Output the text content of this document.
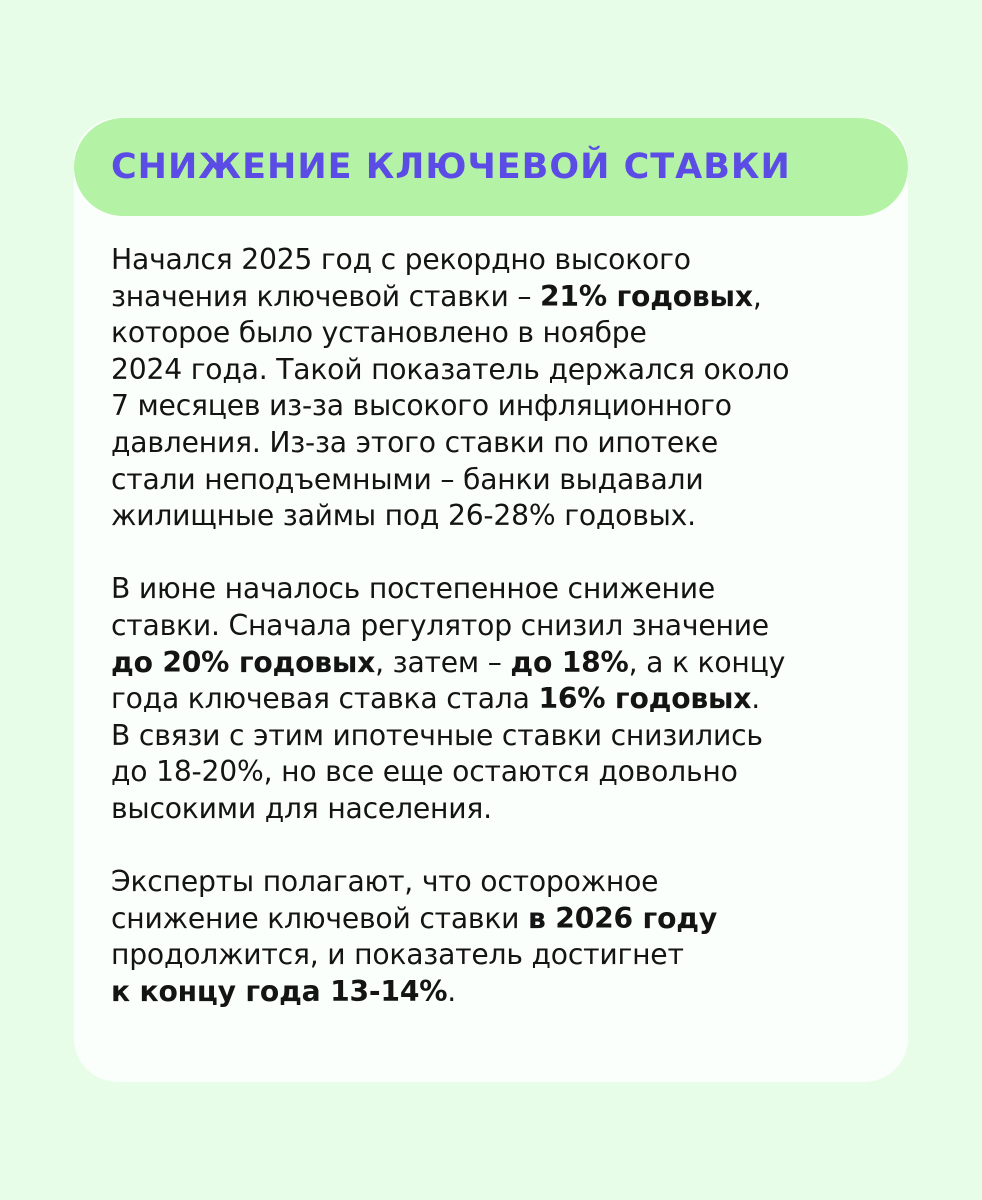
СНИЖЕНИЕ КЛЮЧЕВОЙ СТАВКИ
Начался 2025 год с рекордно высокого
значения ключевой ставки – 21% годовых,
которое было установлено в ноябре
2024 года. Такой показатель держался около
7 месяцев из-за высокого инфляционного
давления. Из-за этого ставки по ипотеке
стали неподъемными – банки выдавали
жилищные займы под 26-28% годовых.
В июне началось постепенное снижение
ставки. Сначала регулятор снизил значение
до 20% годовых, затем – до 18%, а к концу
года ключевая ставка стала 16% годовых.
В связи с этим ипотечные ставки снизились
до 18-20%, но все еще остаются довольно
высокими для населения.
Эксперты полагают, что осторожное
снижение ключевой ставки в 2026 году
продолжится, и показатель достигнет
к концу года 13-14%.
